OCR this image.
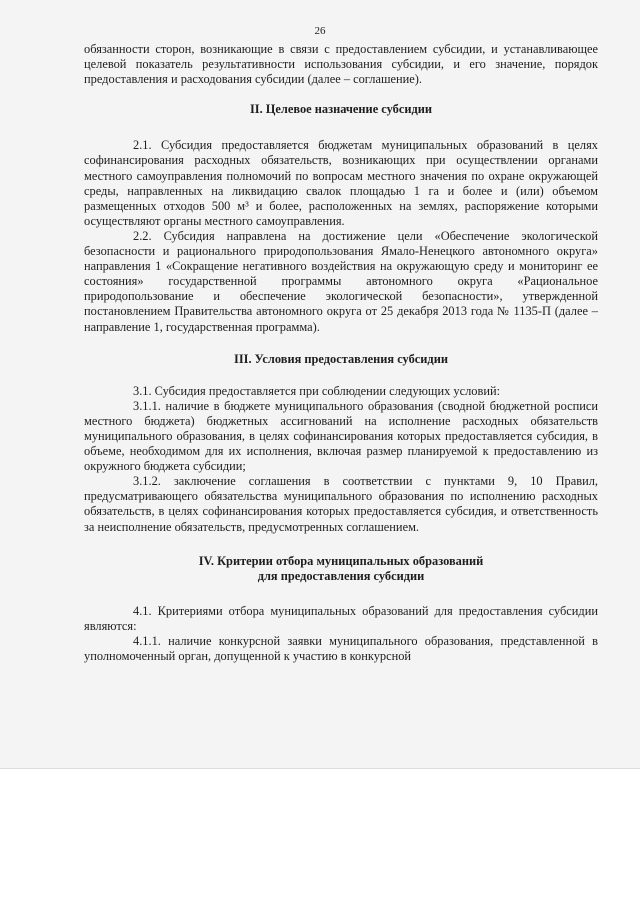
26

обязанности сторон, возникающие в связи с предоставлением субсидии, и устанавливающее целевой показатель результативности использования субсидии, и его значение, порядок предоставления и расходования субсидии (далее – соглашение).

II. Целевое назначение субсидии

2.1. Субсидия предоставляется бюджетам муниципальных образований в целях софинансирования расходных обязательств, возникающих при осуществлении органами местного самоуправления полномочий по вопросам местного значения по охране окружающей среды, направленных на ликвидацию свалок площадью 1 га и более и (или) объемом размещенных отходов 500 м³ и более, расположенных на землях, распоряжение которыми осуществляют органы местного самоуправления.

2.2. Субсидия направлена на достижение цели «Обеспечение экологической безопасности и рационального природопользования Ямало-Ненецкого автономного округа» направления 1 «Сокращение негативного воздействия на окружающую среду и мониторинг ее состояния» государственной программы автономного округа «Рациональное природопользование и обеспечение экологической безопасности», утвержденной постановлением Правительства автономного округа от 25 декабря 2013 года № 1135-П (далее – направление 1, государственная программа).

III. Условия предоставления субсидии

3.1. Субсидия предоставляется при соблюдении следующих условий:

3.1.1. наличие в бюджете муниципального образования (сводной бюджетной росписи местного бюджета) бюджетных ассигнований на исполнение расходных обязательств муниципального образования, в целях софинансирования которых предоставляется субсидия, в объеме, необходимом для их исполнения, включая размер планируемой к предоставлению из окружного бюджета субсидии;

3.1.2. заключение соглашения в соответствии с пунктами 9, 10 Правил, предусматривающего обязательства муниципального образования по исполнению расходных обязательств, в целях софинансирования которых предоставляется субсидия, и ответственность за неисполнение обязательств, предусмотренных соглашением.

IV. Критерии отбора муниципальных образований
для предоставления субсидии

4.1. Критериями отбора муниципальных образований для предоставления субсидии являются:

4.1.1. наличие конкурсной заявки муниципального образования, представленной в уполномоченный орган, допущенной к участию в конкурсной
